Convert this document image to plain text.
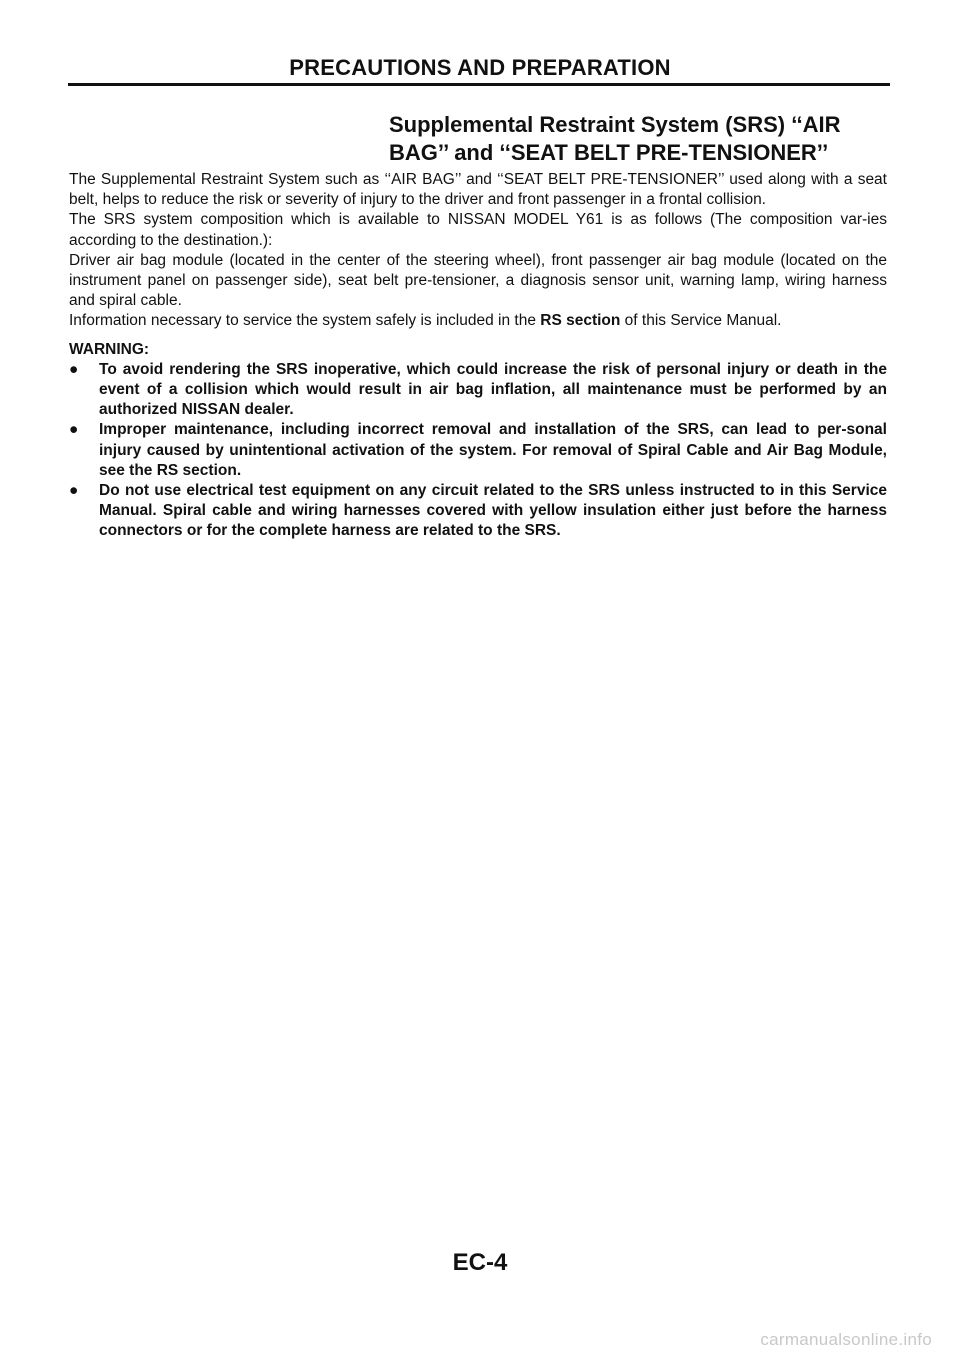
PRECAUTIONS AND PREPARATION
Supplemental Restraint System (SRS) ‘‘AIR
BAG’’ and ‘‘SEAT BELT PRE-TENSIONER’’

The Supplemental Restraint System such as ‘‘AIR BAG’’ and ‘‘SEAT BELT PRE-TENSIONER’’ used along with a seat belt, helps to reduce the risk or severity of injury to the driver and front passenger in a frontal collision.

The SRS system composition which is available to NISSAN MODEL Y61 is as follows (The composition var-ies according to the destination.):

Driver air bag module (located in the center of the steering wheel), front passenger air bag module (located on the instrument panel on passenger side), seat belt pre-tensioner, a diagnosis sensor unit, warning lamp, wiring harness and spiral cable.

Information necessary to service the system safely is included in the RS section of this Service Manual.

WARNING:
●	To avoid rendering the SRS inoperative, which could increase the risk of personal injury or death in the event of a collision which would result in air bag inflation, all maintenance must be performed by an authorized NISSAN dealer.
●	Improper maintenance, including incorrect removal and installation of the SRS, can lead to per-sonal injury caused by unintentional activation of the system. For removal of Spiral Cable and Air Bag Module, see the RS section.
●	Do not use electrical test equipment on any circuit related to the SRS unless instructed to in this Service Manual. Spiral cable and wiring harnesses covered with yellow insulation either just before the harness connectors or for the complete harness are related to the SRS.
EC-4
carmanualsonline.info
